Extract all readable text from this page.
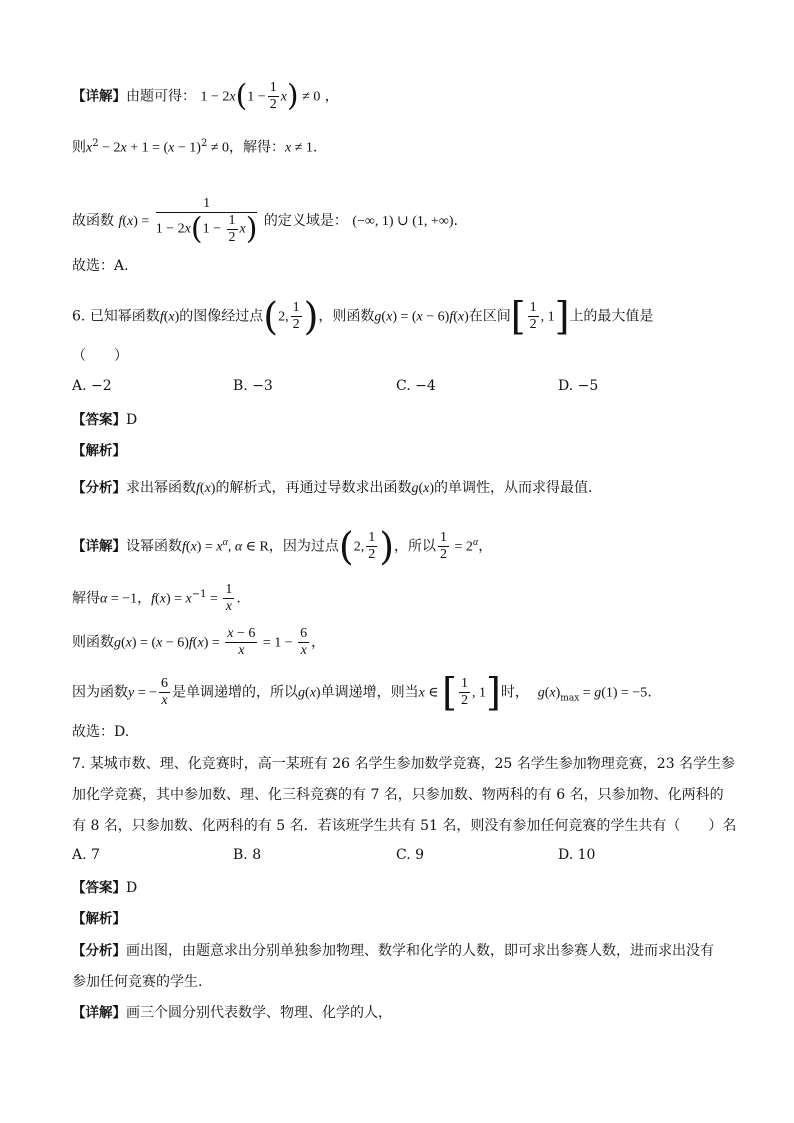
【详解】由题可得： $1 - 2x(1 - \frac{1}{2} x) \ne 0$ ，
则$x^2 - 2x + 1 = (x - 1)^2 \ne 0$，解得：x ≠ 1.
故函数 $f(x) = \frac{1}{1 - 2x(1 - \frac{1}{2} x)}$ 的定义域是： (−∞, 1) ∪ (1, +∞).
故选：A.
6. 已知幂函数f(x)的图像经过点(2, $\frac{1}{2}$ )，则函数g(x) = (x − 6)f(x)在区间[ $\frac{1}{2}$ , 1]上的最大值是
（　　）
A. −2	B. −3	C. −4	D. −5
【答案】D
【解析】
【分析】求出幂函数f(x)的解析式，再通过导数求出函数g(x)的单调性，从而求得最值.
【详解】设幂函数$f(x) = x^\alpha$, α ∈ R，因为过点(2, $\frac{1}{2}$ )，所以 $\frac{1}{2} = 2^\alpha$，
解得α = −1，$f(x) = x^{-1} = \frac{1}{x}$ .
则函数$g(x) = (x - 6)f(x) = \frac{x - 6}{x} = 1 - \frac{6}{x}$ ，
因为函数y = − $\frac{6}{x}$ 是单调递增的，所以g(x)单调递增，则当x ∈ [ $\frac{1}{2}$ , 1]时， $g(x)_{max} = g(1) = -5$.
故选：D.
7. 某城市数、理、化竞赛时，高一某班有 26 名学生参加数学竞赛，25 名学生参加物理竞赛，23 名学生参
加化学竞赛，其中参加数、理、化三科竞赛的有 7 名，只参加数、物两科的有 6 名，只参加物、化两科的
有 8 名，只参加数、化两科的有 5 名．若该班学生共有 51 名，则没有参加任何竞赛的学生共有（　　）名
A. 7	B. 8	C. 9	D. 10
【答案】D
【解析】
【分析】画出图，由题意求出分别单独参加物理、数学和化学的人数，即可求出参赛人数，进而求出没有
参加任何竞赛的学生.
【详解】画三个圆分别代表数学、物理、化学的人，
